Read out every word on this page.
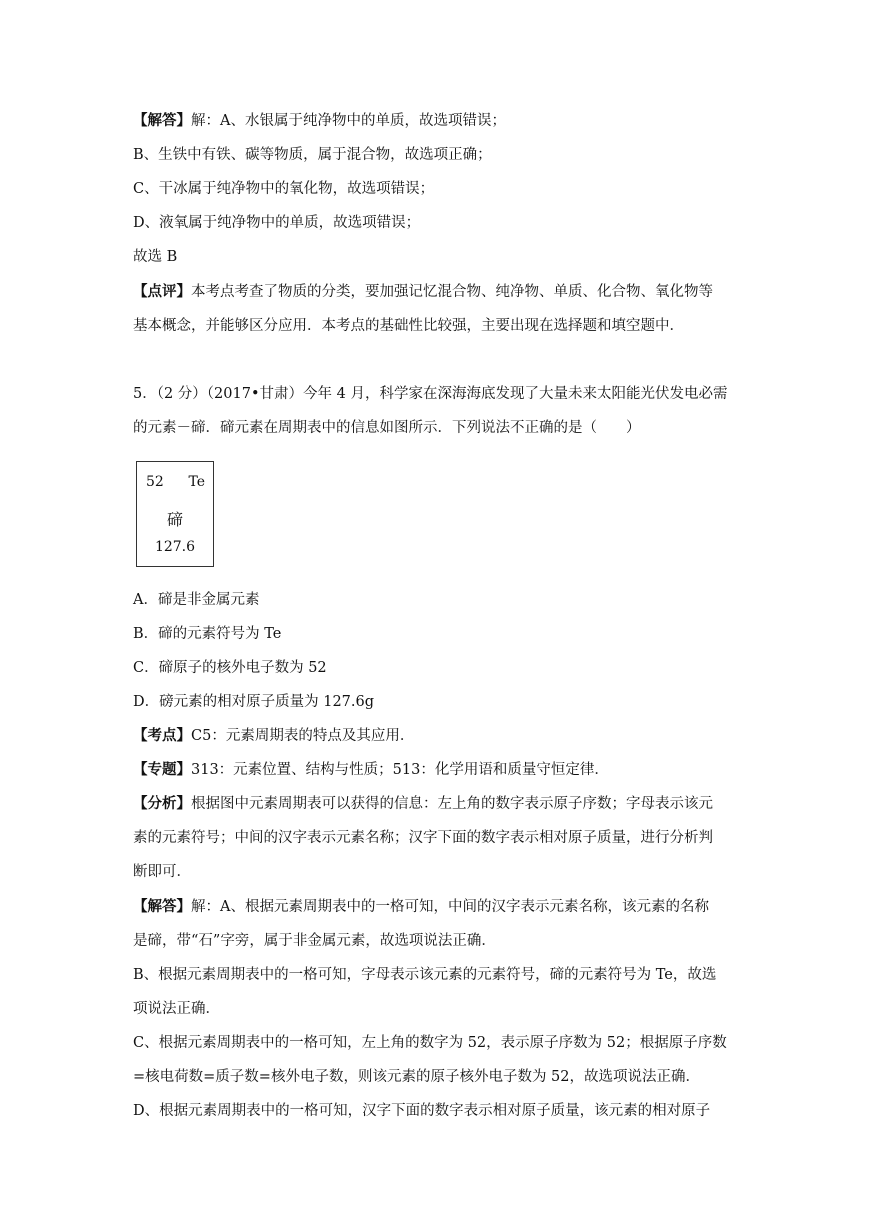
【解答】解：A、水银属于纯净物中的单质，故选项错误；
B、生铁中有铁、碳等物质，属于混合物，故选项正确；
C、干冰属于纯净物中的氧化物，故选项错误；
D、液氧属于纯净物中的单质，故选项错误；
故选 B
【点评】本考点考查了物质的分类，要加强记忆混合物、纯净物、单质、化合物、氧化物等
基本概念，并能够区分应用．本考点的基础性比较强，主要出现在选择题和填空题中．
5．（2 分）（2017•甘肃）今年 4 月，科学家在深海海底发现了大量未来太阳能光伏发电必需
的元素－碲．碲元素在周期表中的信息如图所示．下列说法不正确的是（　　）
52 Te
碲
127.6
A．碲是非金属元素
B．碲的元素符号为 Te
C．碲原子的核外电子数为 52
D．磅元素的相对原子质量为 127.6g
【考点】C5：元素周期表的特点及其应用．
【专题】313：元素位置、结构与性质；513：化学用语和质量守恒定律．
【分析】根据图中元素周期表可以获得的信息：左上角的数字表示原子序数；字母表示该元
素的元素符号；中间的汉字表示元素名称；汉字下面的数字表示相对原子质量，进行分析判
断即可．
【解答】解：A、根据元素周期表中的一格可知，中间的汉字表示元素名称，该元素的名称
是碲，带“石”字旁，属于非金属元素，故选项说法正确．
B、根据元素周期表中的一格可知，字母表示该元素的元素符号，碲的元素符号为 Te，故选
项说法正确．
C、根据元素周期表中的一格可知，左上角的数字为 52，表示原子序数为 52；根据原子序数
=核电荷数=质子数=核外电子数，则该元素的原子核外电子数为 52，故选项说法正确．
D、根据元素周期表中的一格可知，汉字下面的数字表示相对原子质量，该元素的相对原子
